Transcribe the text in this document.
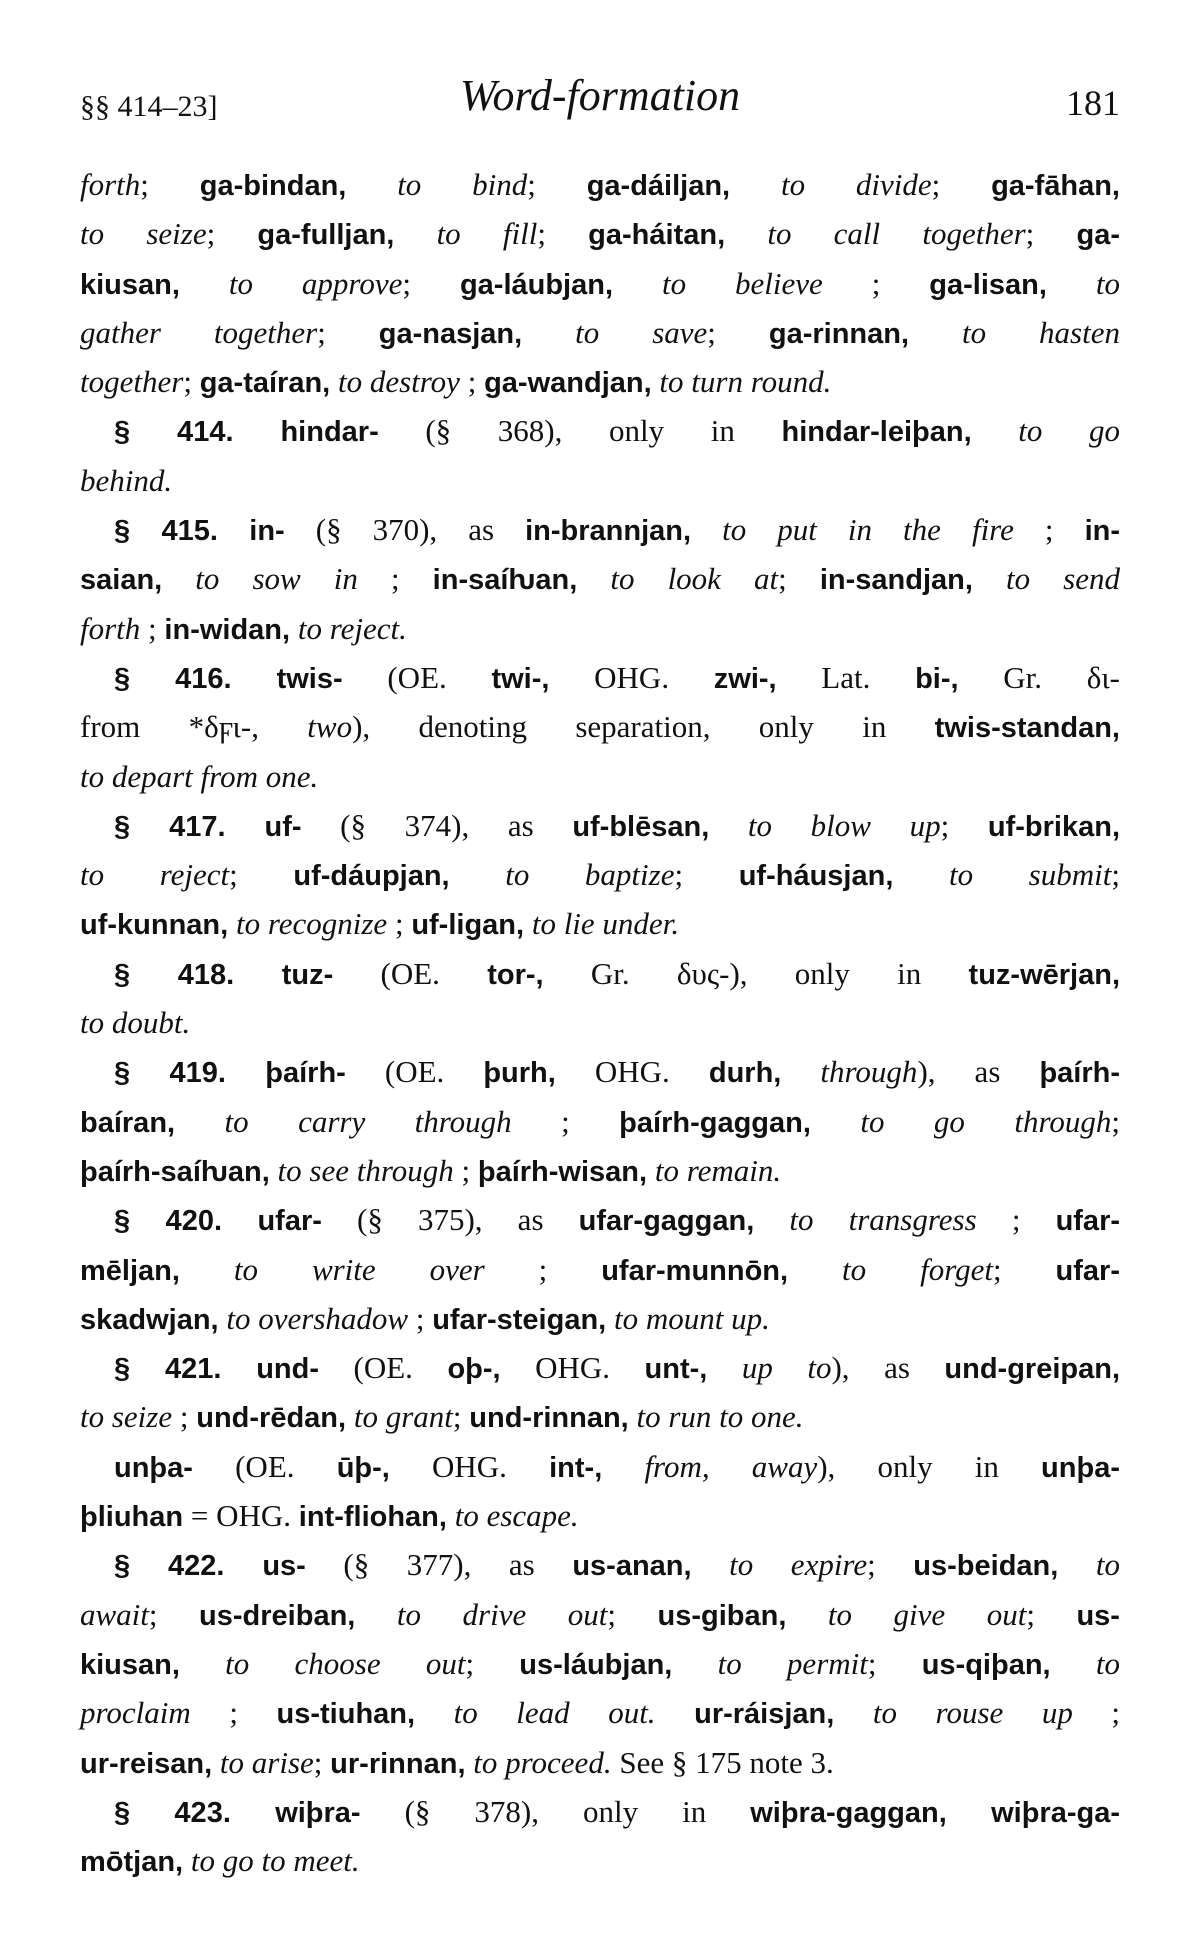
§§ 414–23]	Word-formation	181
forth; ga-bindan, to bind; ga-dáiljan, to divide; ga-fāhan,
to seize; ga-fulljan, to fill; ga-háitan, to call together; ga-
kiusan, to approve; ga-láubjan, to believe ; ga-lisan, to
gather together; ga-nasjan, to save; ga-rinnan, to hasten
together; ga-taíran, to destroy ; ga-wandjan, to turn round.
§ 414. hindar- (§ 368), only in hindar-leiþan, to go
behind.
§ 415. in- (§ 370), as in-brannjan, to put in the fire ; in-
saian, to sow in ; in-saíƕan, to look at; in-sandjan, to send
forth ; in-widan, to reject.
§ 416. twis- (OE. twi-, OHG. zwi-, Lat. bi-, Gr. δι-
from *δϝι-, two), denoting separation, only in twis-standan,
to depart from one.
§ 417. uf- (§ 374), as uf-blēsan, to blow up; uf-brikan,
to reject; uf-dáupjan, to baptize; uf-háusjan, to submit;
uf-kunnan, to recognize ; uf-ligan, to lie under.
§ 418. tuz- (OE. tor-, Gr. δυς-), only in tuz-wērjan,
to doubt.
§ 419. þaírh- (OE. þurh, OHG. durh, through), as þaírh-
baíran, to carry through ; þaírh-gaggan, to go through;
þaírh-saíƕan, to see through ; þaírh-wisan, to remain.
§ 420. ufar- (§ 375), as ufar-gaggan, to transgress ; ufar-
mēljan, to write over ; ufar-munnōn, to forget; ufar-
skadwjan, to overshadow ; ufar-steigan, to mount up.
§ 421. und- (OE. oþ-, OHG. unt-, up to), as und-greipan,
to seize ; und-rēdan, to grant; und-rinnan, to run to one.
unþa- (OE. ūþ-, OHG. int-, from, away), only in unþa-
þliuhan = OHG. int-fliohan, to escape.
§ 422. us- (§ 377), as us-anan, to expire; us-beidan, to
await; us-dreiban, to drive out; us-giban, to give out; us-
kiusan, to choose out; us-láubjan, to permit; us-qiþan, to
proclaim ; us-tiuhan, to lead out. ur-ráisjan, to rouse up ;
ur-reisan, to arise; ur-rinnan, to proceed. See § 175 note 3.
§ 423. wiþra- (§ 378), only in wiþra-gaggan, wiþra-ga-
mōtjan, to go to meet.
